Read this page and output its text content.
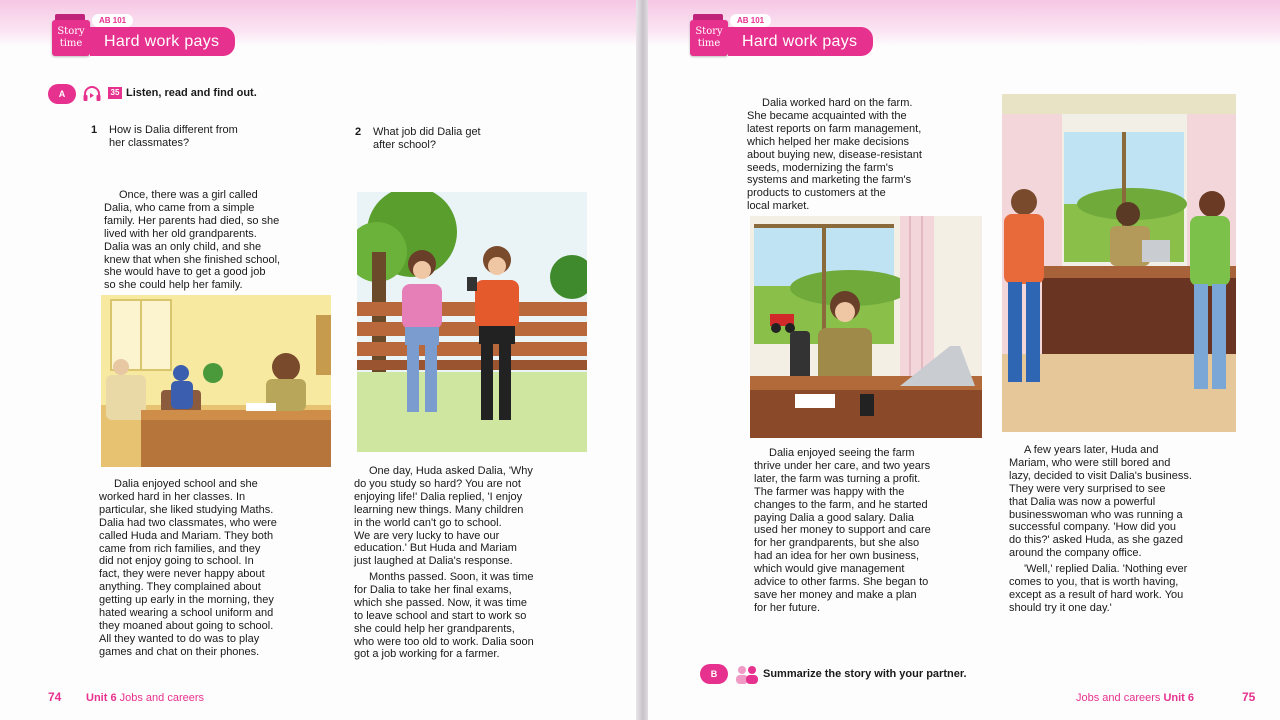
AB 101
Story
time	Hard work pays
A	35 Listen, read and find out.
1 How is Dalia different from
her classmates?
2 What job did Dalia get
after school?

Once, there was a girl called
Dalia, who came from a simple
family. Her parents had died, so she
lived with her old grandparents.
Dalia was an only child, and she
knew that when she finished school,
she would have to get a good job
so she could help her family.

Dalia enjoyed school and she
worked hard in her classes. In
particular, she liked studying Maths.
Dalia had two classmates, who were
called Huda and Mariam. They both
came from rich families, and they
did not enjoy going to school. In
fact, they were never happy about
anything. They complained about
getting up early in the morning, they
hated wearing a school uniform and
they moaned about going to school.
All they wanted to do was to play
games and chat on their phones.

One day, Huda asked Dalia, 'Why
do you study so hard? You are not
enjoying life!' Dalia replied, 'I enjoy
learning new things. Many children
in the world can't go to school.
We are very lucky to have our
education.' But Huda and Mariam
just laughed at Dalia's response.

Months passed. Soon, it was time
for Dalia to take her final exams,
which she passed. Now, it was time
to leave school and start to work so
she could help her grandparents,
who were too old to work. Dalia soon
got a job working for a farmer.

74 Unit 6 Jobs and careers
AB 101
Story
time	Hard work pays

Dalia worked hard on the farm.
She became acquainted with the
latest reports on farm management,
which helped her make decisions
about buying new, disease-resistant
seeds, modernizing the farm's
systems and marketing the farm's
products to customers at the
local market.

Dalia enjoyed seeing the farm
thrive under her care, and two years
later, the farm was turning a profit.
The farmer was happy with the
changes to the farm, and he started
paying Dalia a good salary. Dalia
used her money to support and care
for her grandparents, but she also
had an idea for her own business,
which would give management
advice to other farms. She began to
save her money and make a plan
for her future.

A few years later, Huda and
Mariam, who were still bored and
lazy, decided to visit Dalia's business.
They were very surprised to see
that Dalia was now a powerful
businesswoman who was running a
successful company. 'How did you
do this?' asked Huda, as she gazed
around the company office.

'Well,' replied Dalia. 'Nothing ever
comes to you, that is worth having,
except as a result of hard work. You
should try it one day.'

B	Summarize the story with your partner.
Jobs and careers Unit 6	75
